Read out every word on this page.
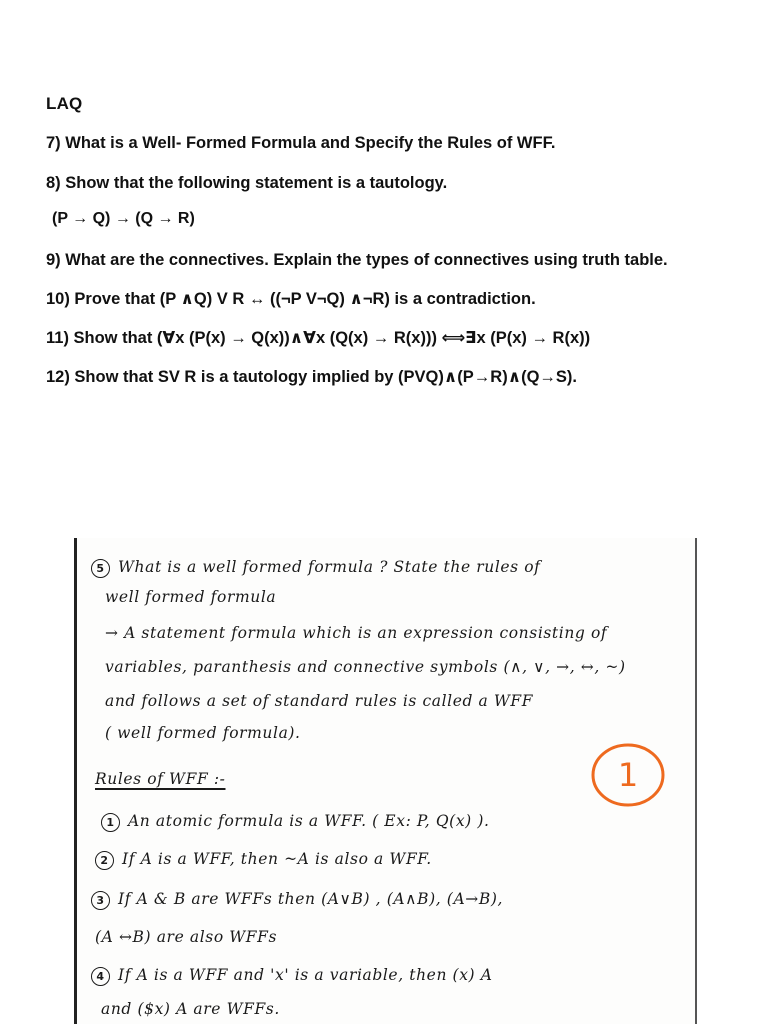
LAQ
7) What is a Well- Formed Formula and Specify the Rules of WFF.
8) Show that the following statement is a tautology.
(P → Q) → (Q → R)
9) What are the connectives. Explain the types of connectives using truth table.
10) Prove that (P ∧Q) V R ↔ ((¬P V¬Q) ∧¬R) is a contradiction.
11) Show that (∀x (P(x) → Q(x))∧∀x (Q(x) → R(x))) ⟺∃x (P(x) → R(x))
12) Show that SV R is a tautology implied by (PVQ)∧(P→R)∧(Q→S).
5 What is a well formed formula ? State the rules of
well formed formula
→ A statement formula which is an expression consisting of
variables, paranthesis and connective symbols (∧, ∨, →, ↔, ~)
and follows a set of standard rules is called a WFF
( well formed formula).
Rules of WFF :-
1 An atomic formula is a WFF. ( Ex: P, Q(x) ).
2 If A is a WFF, then ~A is also a WFF.
3 If A & B are WFFs then (A∨B) , (A∧B), (A→B),
(A ↔B) are also WFFs
4 If A is a WFF and 'x' is a variable, then (x) A
and ($x) A are WFFs.
1
